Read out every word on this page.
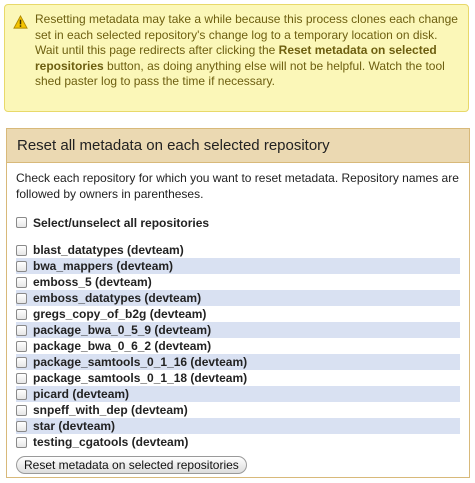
Resetting metadata may take a while because this process clones each change set in each selected repository's change log to a temporary location on disk. Wait until this page redirects after clicking the Reset metadata on selected repositories button, as doing anything else will not be helpful. Watch the tool shed paster log to pass the time if necessary.
Reset all metadata on each selected repository

Check each repository for which you want to reset metadata. Repository names are followed by owners in parentheses.

Select/unselect all repositories
blast_datatypes (devteam)
bwa_mappers (devteam)
emboss_5 (devteam)
emboss_datatypes (devteam)
gregs_copy_of_b2g (devteam)
package_bwa_0_5_9 (devteam)
package_bwa_0_6_2 (devteam)
package_samtools_0_1_16 (devteam)
package_samtools_0_1_18 (devteam)
picard (devteam)
snpeff_with_dep (devteam)
star (devteam)
testing_cgatools (devteam)
Reset metadata on selected repositories
